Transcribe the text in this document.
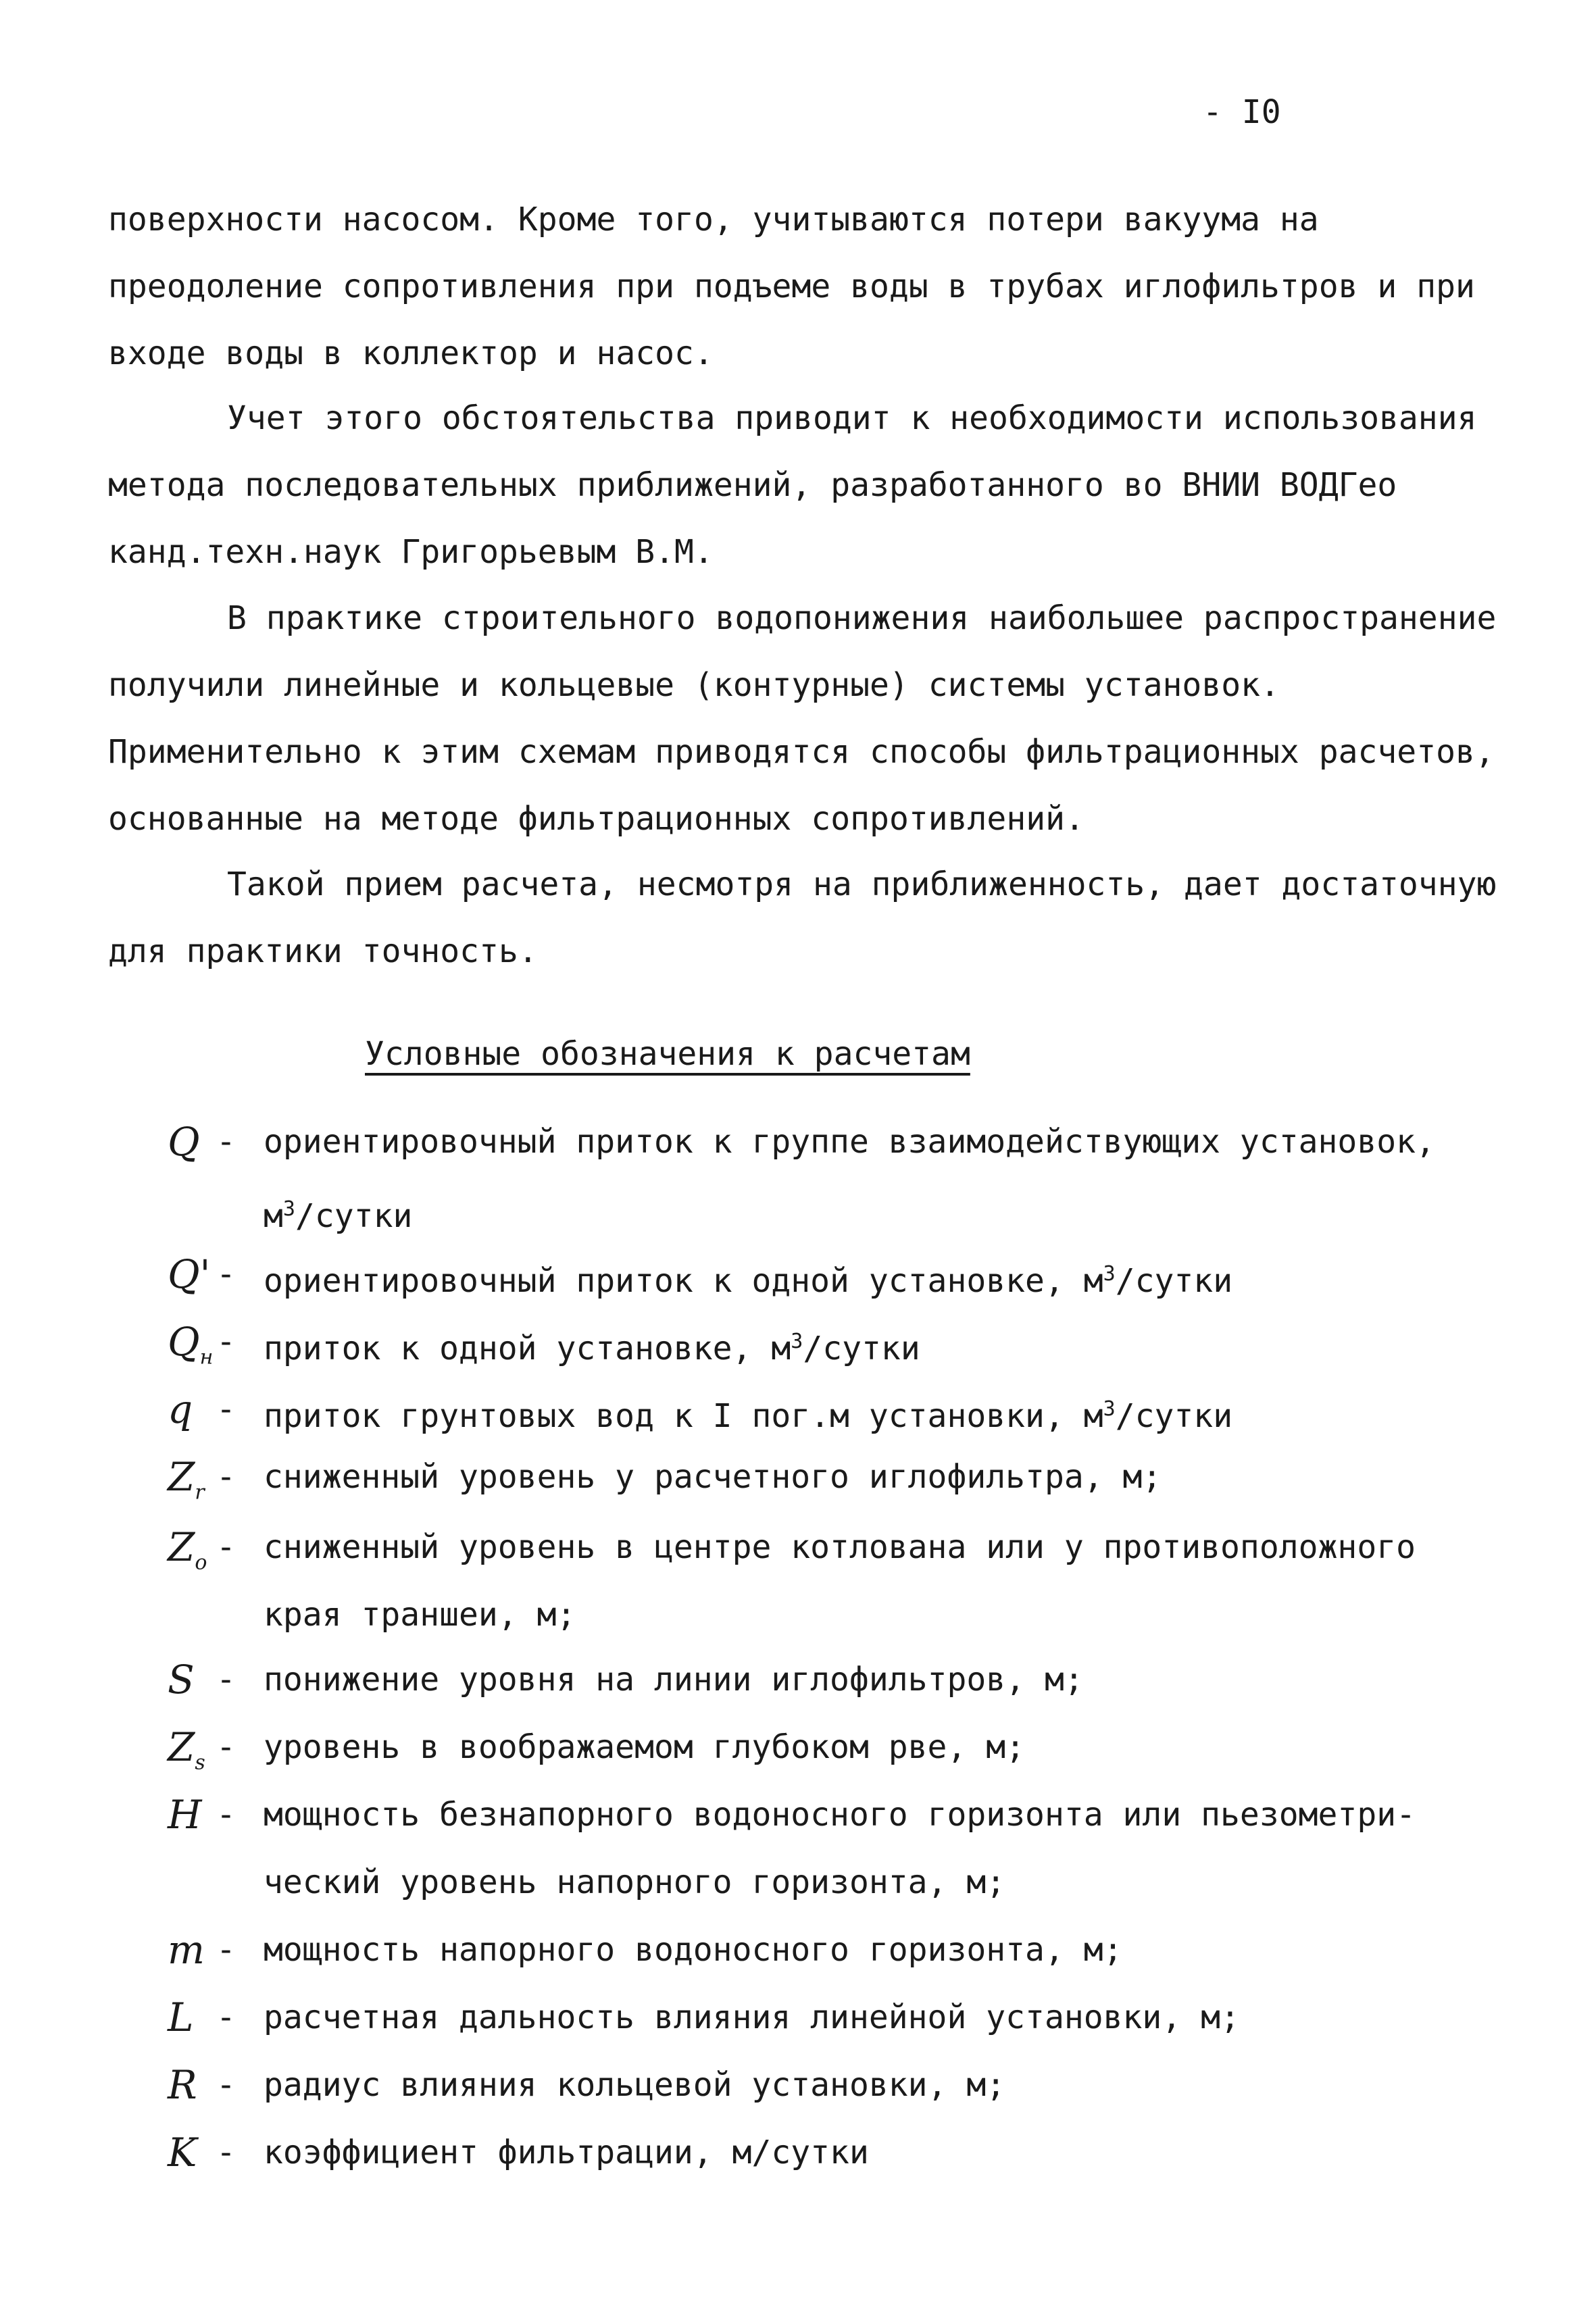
- I0

поверхности насосом. Кроме того, учитываются потери вакуума на преодоление сопротивления при подъеме воды в трубах иглофильтров и при входе воды в коллектор и насос.

Учет этого обстоятельства приводит к необходимости использования метода последовательных приближений, разработанного во ВНИИ ВОДГео канд.техн.наук Григорьевым В.М.

В практике строительного водопонижения наибольшее распространение получили линейные и кольцевые (контурные) системы установок. Применительно к этим схемам приводятся способы фильтрационных расчетов, основанные на методе фильтрационных сопротивлений.

Такой прием расчета, несмотря на приближенность, дает достаточную для практики точность.

Условные обозначения к расчетам
Q - ориентировочный приток к группе взаимодействующих установок,
$м^3$/сутки
Q' - ориентировочный приток к одной установке, $м^3$/сутки
$Q_н$ - приток к одной установке, $м^3$/сутки
q - приток грунтовых вод к I пог.м установки, $м^3$/сутки
$Z_r$ - сниженный уровень у расчетного иглофильтра, м;
$Z_o$ - сниженный уровень в центре котлована или у противоположного
края траншеи, м;
S - понижение уровня на линии иглофильтров, м;
$Z_s$ - уровень в воображаемом глубоком рве, м;
H - мощность безнапорного водоносного горизонта или пьезометри-
ческий уровень напорного горизонта, м;
m - мощность напорного водоносного горизонта, м;
L - расчетная дальность влияния линейной установки, м;
R - радиус влияния кольцевой установки, м;
K - коэффициент фильтрации, м/сутки
